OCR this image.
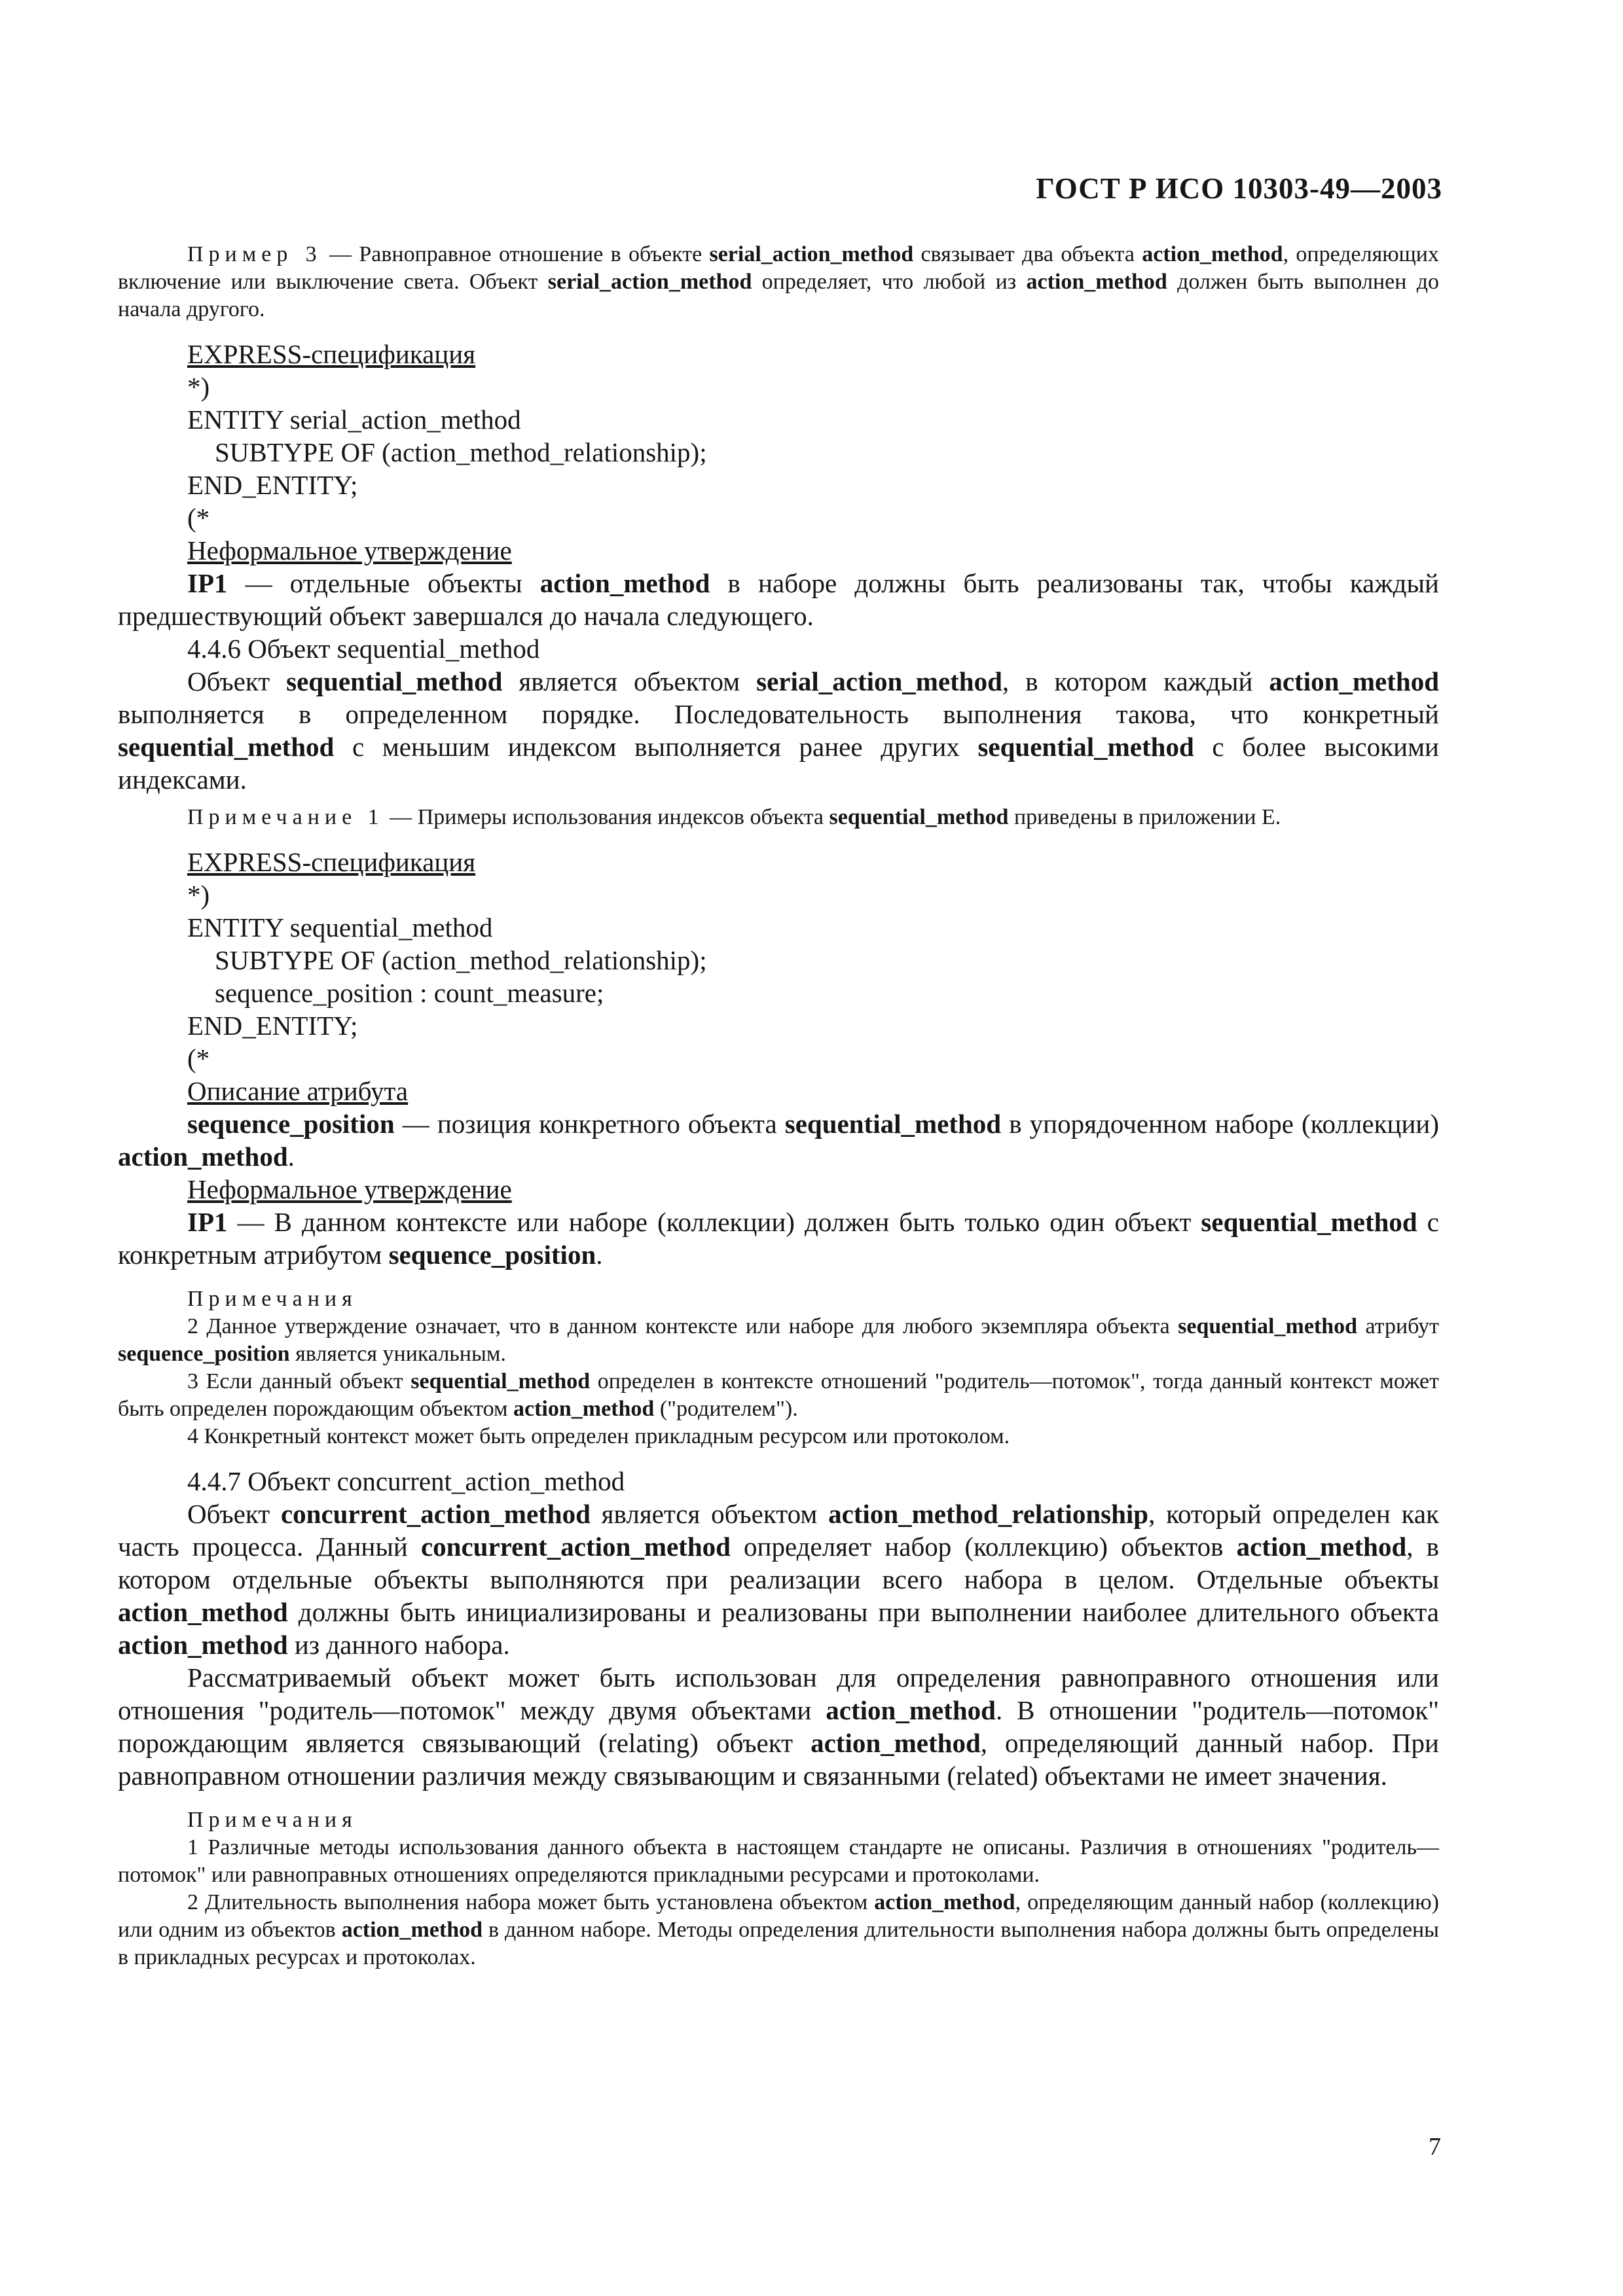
ГОСТ Р ИСО 10303-49—2003

Пример 3 — Равноправное отношение в объекте serial_action_method связывает два объекта action_method, определяющих включение или выключение света. Объект serial_action_method определяет, что любой из action_method должен быть выполнен до начала другого.

EXPRESS-спецификация

*)

ENTITY serial_action_method

SUBTYPE OF (action_method_relationship);

END_ENTITY;

(*

Неформальное утверждение

IP1 — отдельные объекты action_method в наборе должны быть реализованы так, чтобы каждый предшествующий объект завершался до начала следующего.

4.4.6 Объект sequential_method

Объект sequential_method является объектом serial_action_method, в котором каждый action_method выполняется в определенном порядке. Последовательность выполнения такова, что конкретный sequential_method с меньшим индексом выполняется ранее других sequential_method с более высокими индексами.

Примечание 1 — Примеры использования индексов объекта sequential_method приведены в приложении Е.

EXPRESS-спецификация

*)

ENTITY sequential_method

SUBTYPE OF (action_method_relationship);

sequence_position : count_measure;

END_ENTITY;

(*

Описание атрибута

sequence_position — позиция конкретного объекта sequential_method в упорядоченном наборе (коллекции) action_method.

Неформальное утверждение

IP1 — В данном контексте или наборе (коллекции) должен быть только один объект sequential_method с конкретным атрибутом sequence_position.

Примечания

2 Данное утверждение означает, что в данном контексте или наборе для любого экземпляра объекта sequential_method атрибут sequence_position является уникальным.

3 Если данный объект sequential_method определен в контексте отношений "родитель—потомок", тогда данный контекст может быть определен порождающим объектом action_method ("родителем").

4 Конкретный контекст может быть определен прикладным ресурсом или протоколом.

4.4.7 Объект concurrent_action_method

Объект concurrent_action_method является объектом action_method_relationship, который определен как часть процесса. Данный concurrent_action_method определяет набор (коллекцию) объектов action_method, в котором отдельные объекты выполняются при реализации всего набора в целом. Отдельные объекты action_method должны быть инициализированы и реализованы при выполнении наиболее длительного объекта action_method из данного набора.

Рассматриваемый объект может быть использован для определения равноправного отношения или отношения "родитель—потомок" между двумя объектами action_method. В отношении "родитель—потомок" порождающим является связывающий (relating) объект action_method, определяющий данный набор. При равноправном отношении различия между связывающим и связанными (related) объектами не имеет значения.

Примечания

1 Различные методы использования данного объекта в настоящем стандарте не описаны. Различия в отношениях "родитель—потомок" или равноправных отношениях определяются прикладными ресурсами и протоколами.

2 Длительность выполнения набора может быть установлена объектом action_method, определяющим данный набор (коллекцию) или одним из объектов action_method в данном наборе. Методы определения длительности выполнения набора должны быть определены в прикладных ресурсах и протоколах.

7
